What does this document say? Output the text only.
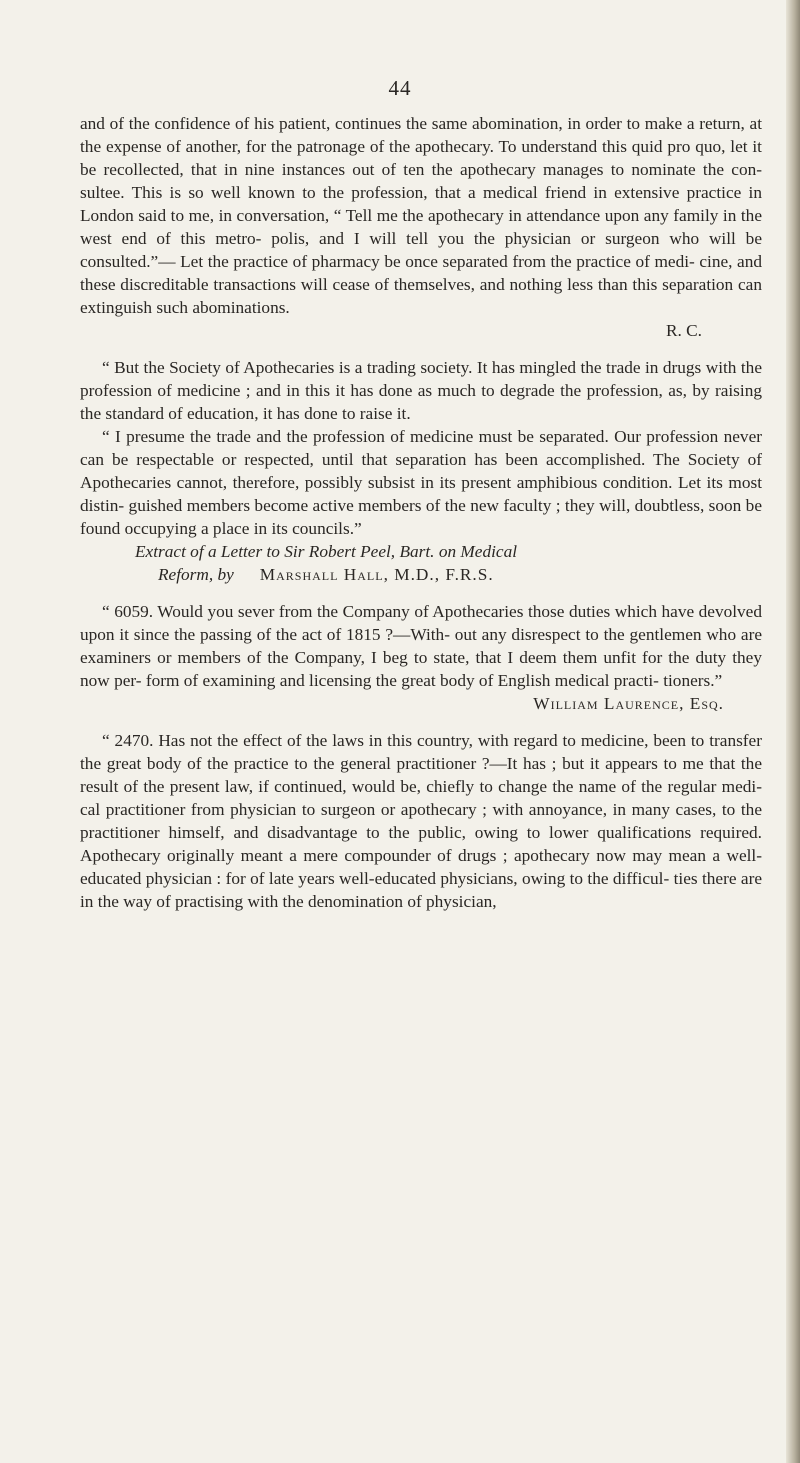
44

and of the confidence of his patient, continues the same abomination, in order to make a return, at the expense of another, for the patronage of the apothecary. To understand this quid pro quo, let it be recollected, that in nine instances out of ten the apothecary manages to nominate the con- sultee. This is so well known to the profession, that a medical friend in extensive practice in London said to me, in conversation, “ Tell me the apothecary in attendance upon any family in the west end of this metro- polis, and I will tell you the physician or surgeon who will be consulted.”— Let the practice of pharmacy be once separated from the practice of medi- cine, and these discreditable transactions will cease of themselves, and nothing less than this separation can extinguish such abominations.

R. C.

“ But the Society of Apothecaries is a trading society. It has mingled the trade in drugs with the profession of medicine ; and in this it has done as much to degrade the profession, as, by raising the standard of education, it has done to raise it.

“ I presume the trade and the profession of medicine must be separated. Our profession never can be respectable or respected, until that separation has been accomplished. The Society of Apothecaries cannot, therefore, possibly subsist in its present amphibious condition. Let its most distin- guished members become active members of the new faculty ; they will, doubtless, soon be found occupying a place in its councils.”

Extract of a Letter to Sir Robert Peel, Bart. on Medical

Reform, by Marshall Hall, M.D., F.R.S.

“ 6059. Would you sever from the Company of Apothecaries those duties which have devolved upon it since the passing of the act of 1815 ?—With- out any disrespect to the gentlemen who are examiners or members of the Company, I beg to state, that I deem them unfit for the duty they now per- form of examining and licensing the great body of English medical practi- tioners.”

William Laurence, Esq.

“ 2470. Has not the effect of the laws in this country, with regard to medicine, been to transfer the great body of the practice to the general practitioner ?—It has ; but it appears to me that the result of the present law, if continued, would be, chiefly to change the name of the regular medi- cal practitioner from physician to surgeon or apothecary ; with annoyance, in many cases, to the practitioner himself, and disadvantage to the public, owing to lower qualifications required. Apothecary originally meant a mere compounder of drugs ; apothecary now may mean a well-educated physician : for of late years well-educated physicians, owing to the difficul- ties there are in the way of practising with the denomination of physician,
